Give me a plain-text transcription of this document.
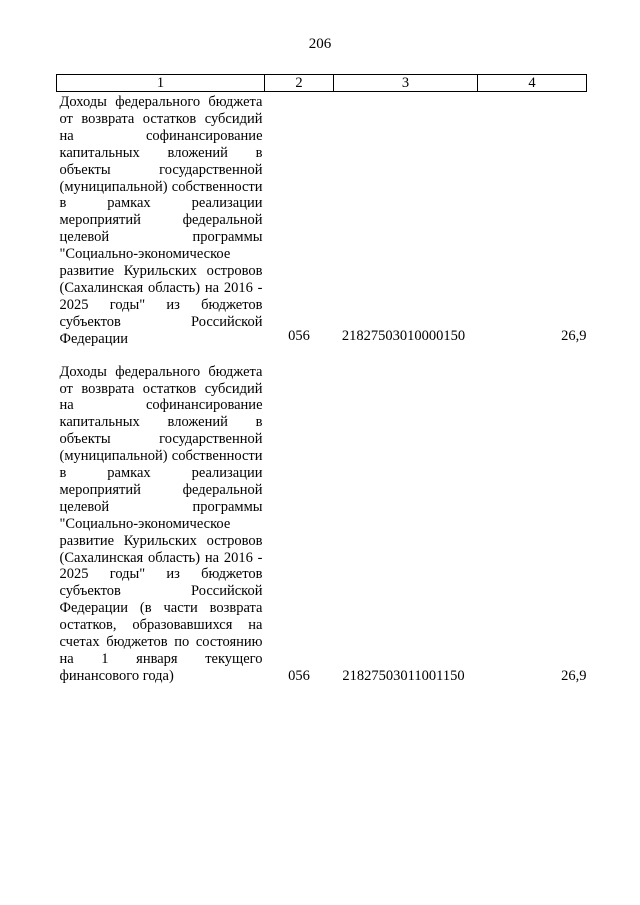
206
1	2	3	4
Доходы федерального бюджета от возврата остатков субсидий на софинансирование капитальных вложений в объекты государственной (муниципальной) собственности в рамках реализации мероприятий федеральной целевой программы "Социально-экономическое развитие Курильских островов (Сахалинская область) на 2016 - 2025 годы" из бюджетов субъектов Российской Федерации	056	21827503010000150	26,9

Доходы федерального бюджета от возврата остатков субсидий на софинансирование капитальных вложений в объекты государственной (муниципальной) собственности в рамках реализации мероприятий федеральной целевой программы "Социально-экономическое развитие Курильских островов (Сахалинская область) на 2016 - 2025 годы" из бюджетов субъектов Российской Федерации (в части возврата остатков, образовавшихся на счетах бюджетов по состоянию на 1 января текущего финансового года)	056	21827503011001150	26,9
